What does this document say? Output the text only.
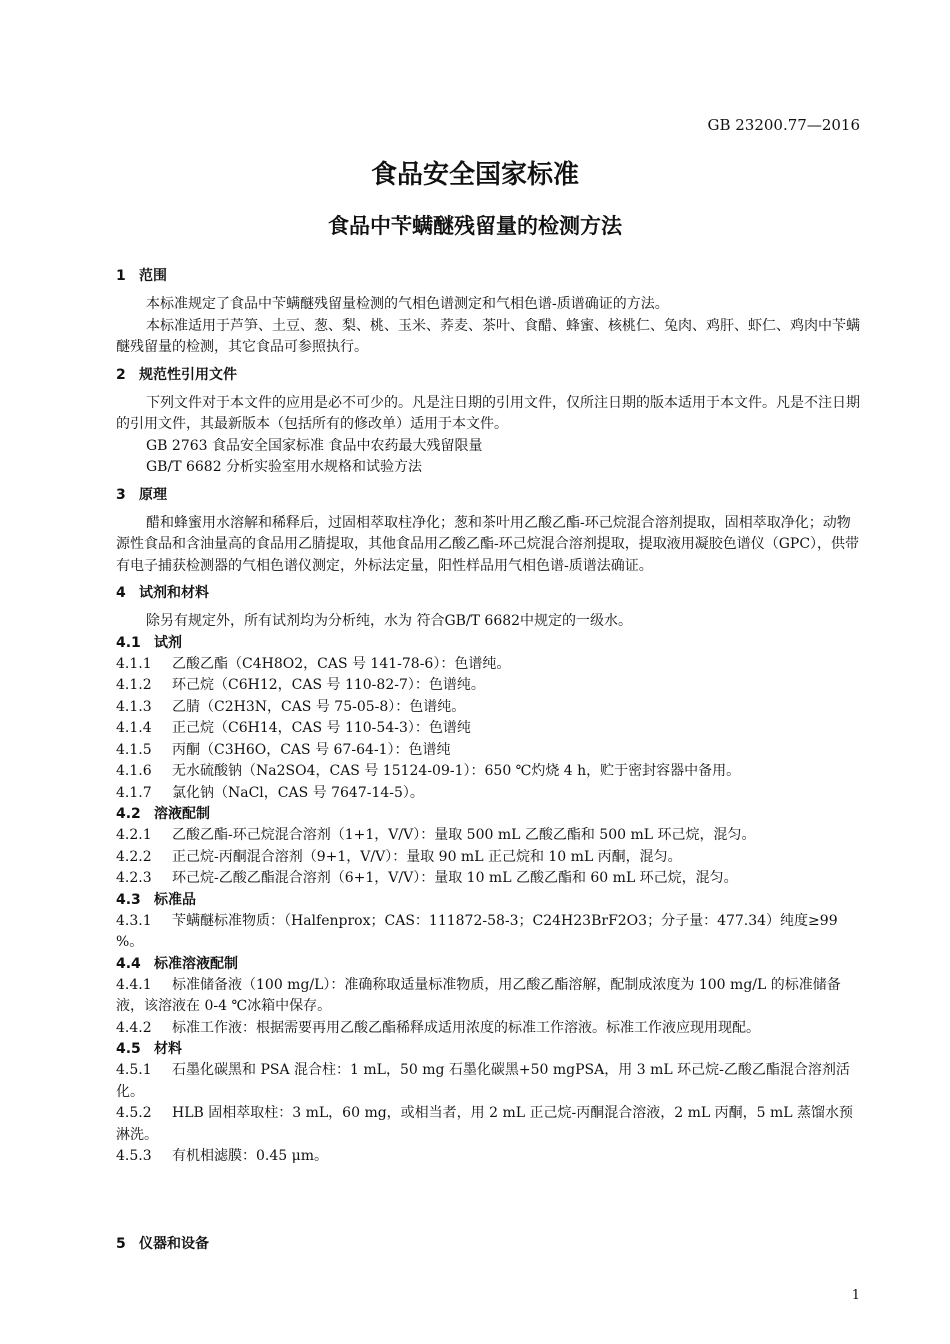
GB 23200.77—2016
食品安全国家标准
食品中苄螨醚残留量的检测方法
1 范围

本标准规定了食品中苄螨醚残留量检测的气相色谱测定和气相色谱-质谱确证的方法。

本标准适用于芦笋、土豆、葱、梨、桃、玉米、荞麦、茶叶、食醋、蜂蜜、核桃仁、兔肉、鸡肝、虾仁、鸡肉中苄螨醚残留量的检测，其它食品可参照执行。

2 规范性引用文件

下列文件对于本文件的应用是必不可少的。凡是注日期的引用文件，仅所注日期的版本适用于本文件。凡是不注日期的引用文件，其最新版本（包括所有的修改单）适用于本文件。

GB 2763 食品安全国家标准 食品中农药最大残留限量

GB/T 6682 分析实验室用水规格和试验方法

3 原理

醋和蜂蜜用水溶解和稀释后，过固相萃取柱净化；葱和茶叶用乙酸乙酯-环己烷混合溶剂提取，固相萃取净化；动物源性食品和含油量高的食品用乙腈提取，其他食品用乙酸乙酯-环己烷混合溶剂提取，提取液用凝胶色谱仪（GPC），供带有电子捕获检测器的气相色谱仪测定，外标法定量，阳性样品用气相色谱-质谱法确证。

4 试剂和材料

除另有规定外，所有试剂均为分析纯，水为 符合GB/T 6682中规定的一级水。

4.1 试剂

4.1.1 乙酸乙酯（C4H8O2，CAS 号 141-78-6）：色谱纯。

4.1.2 环己烷（C6H12，CAS 号 110-82-7）：色谱纯。

4.1.3 乙腈（C2H3N，CAS 号 75-05-8）：色谱纯。

4.1.4 正己烷（C6H14，CAS 号 110-54-3）：色谱纯

4.1.5 丙酮（C3H6O，CAS 号 67-64-1）：色谱纯

4.1.6 无水硫酸钠（Na2SO4，CAS 号 15124-09-1）：650 ℃灼烧 4 h，贮于密封容器中备用。

4.1.7 氯化钠（NaCl，CAS 号 7647-14-5）。

4.2 溶液配制

4.2.1 乙酸乙酯-环己烷混合溶剂（1+1，V/V）：量取 500 mL 乙酸乙酯和 500 mL 环己烷，混匀。

4.2.2 正己烷-丙酮混合溶剂（9+1，V/V）：量取 90 mL 正己烷和 10 mL 丙酮，混匀。

4.2.3 环己烷-乙酸乙酯混合溶剂（6+1，V/V）：量取 10 mL 乙酸乙酯和 60 mL 环己烷，混匀。

4.3 标准品

4.3.1 苄螨醚标准物质：（Halfenprox；CAS：111872-58-3；C24H23BrF2O3；分子量：477.34）纯度≥99 %。

4.4 标准溶液配制

4.4.1 标准储备液（100 mg/L）：准确称取适量标准物质，用乙酸乙酯溶解，配制成浓度为 100 mg/L 的标准储备液，该溶液在 0-4 ℃冰箱中保存。

4.4.2 标准工作液：根据需要再用乙酸乙酯稀释成适用浓度的标准工作溶液。标准工作液应现用现配。

4.5 材料

4.5.1 石墨化碳黑和 PSA 混合柱：1 mL，50 mg 石墨化碳黑+50 mgPSA，用 3 mL 环己烷-乙酸乙酯混合溶剂活化。

4.5.2 HLB 固相萃取柱：3 mL，60 mg，或相当者，用 2 mL 正己烷-丙酮混合溶液，2 mL 丙酮，5 mL 蒸馏水预淋洗。

4.5.3 有机相滤膜：0.45 μm。

5 仪器和设备
1
